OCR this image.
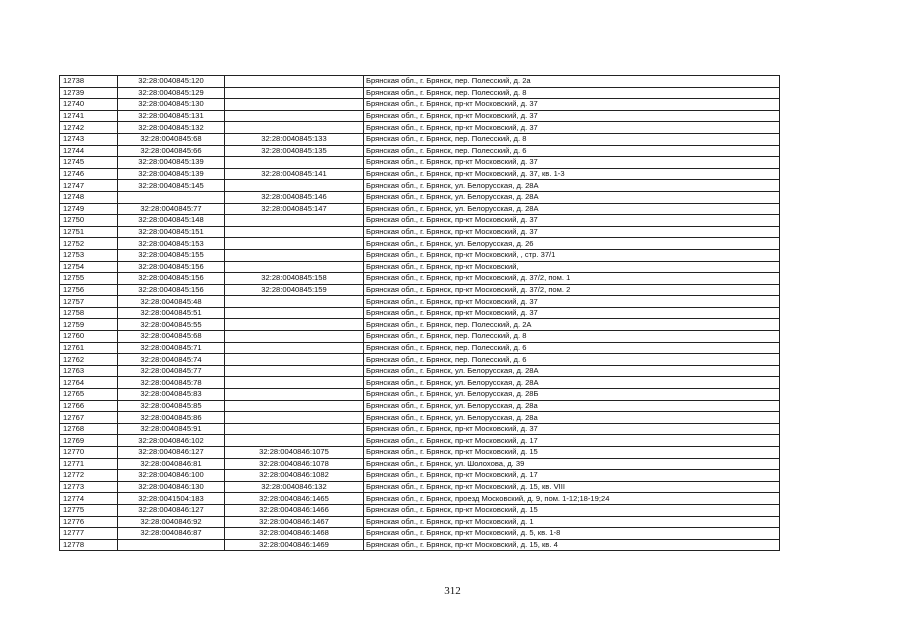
12738	32:28:0040845:120		Брянская обл., г. Брянск, пер. Полесский, д. 2а
12739	32:28:0040845:129		Брянская обл., г. Брянск, пер. Полесский, д. 8
12740	32:28:0040845:130		Брянская обл., г. Брянск, пр-кт Московский, д. 37
12741	32:28:0040845:131		Брянская обл., г. Брянск, пр-кт Московский, д. 37
12742	32:28:0040845:132		Брянская обл., г. Брянск, пр-кт Московский, д. 37
12743	32:28:0040845:68	32:28:0040845:133	Брянская обл., г. Брянск, пер. Полесский, д. 8
12744	32:28:0040845:66	32:28:0040845:135	Брянская обл., г. Брянск, пер. Полесский, д. 6
12745	32:28:0040845:139		Брянская обл., г. Брянск, пр-кт Московский, д. 37
12746	32:28:0040845:139	32:28:0040845:141	Брянская обл., г. Брянск, пр-кт Московский, д. 37, кв. 1-3
12747	32:28:0040845:145		Брянская обл., г. Брянск, ул. Белорусская, д. 28А
12748		32:28:0040845:146	Брянская обл., г. Брянск, ул. Белорусская, д. 28А
12749	32:28:0040845:77	32:28:0040845:147	Брянская обл., г. Брянск, ул. Белорусская, д. 28А
12750	32:28:0040845:148		Брянская обл., г. Брянск, пр-кт Московский, д. 37
12751	32:28:0040845:151		Брянская обл., г. Брянск, пр-кт Московский, д. 37
12752	32:28:0040845:153		Брянская обл., г. Брянск, ул. Белорусская, д. 26
12753	32:28:0040845:155		Брянская обл., г. Брянск, пр-кт Московский, , стр. 37/1
12754	32:28:0040845:156		Брянская обл., г. Брянск, пр-кт Московский,
12755	32:28:0040845:156	32:28:0040845:158	Брянская обл., г. Брянск, пр-кт Московский, д. 37/2, пом. 1
12756	32:28:0040845:156	32:28:0040845:159	Брянская обл., г. Брянск, пр-кт Московский, д. 37/2, пом. 2
12757	32:28:0040845:48		Брянская обл., г. Брянск, пр-кт Московский, д. 37
12758	32:28:0040845:51		Брянская обл., г. Брянск, пр-кт Московский, д. 37
12759	32:28:0040845:55		Брянская обл., г. Брянск, пер. Полесский, д. 2А
12760	32:28:0040845:68		Брянская обл., г. Брянск, пер. Полесский, д. 8
12761	32:28:0040845:71		Брянская обл., г. Брянск, пер. Полесский, д. 6
12762	32:28:0040845:74		Брянская обл., г. Брянск, пер. Полесский, д. 6
12763	32:28:0040845:77		Брянская обл., г. Брянск, ул. Белорусская, д. 28А
12764	32:28:0040845:78		Брянская обл., г. Брянск, ул. Белорусская, д. 28А
12765	32:28:0040845:83		Брянская обл., г. Брянск, ул. Белорусская, д. 28Б
12766	32:28:0040845:85		Брянская обл., г. Брянск, ул. Белорусская, д. 28а
12767	32:28:0040845:86		Брянская обл., г. Брянск, ул. Белорусская, д. 28а
12768	32:28:0040845:91		Брянская обл., г. Брянск, пр-кт Московский, д. 37
12769	32:28:0040846:102		Брянская обл., г. Брянск, пр-кт Московский, д. 17
12770	32:28:0040846:127	32:28:0040846:1075	Брянская обл., г. Брянск, пр-кт Московский, д. 15
12771	32:28:0040846:81	32:28:0040846:1078	Брянская обл., г. Брянск, ул. Шолохова, д. 39
12772	32:28:0040846:100	32:28:0040846:1082	Брянская обл., г. Брянск, пр-кт Московский, д. 17
12773	32:28:0040846:130	32:28:0040846:132	Брянская обл., г. Брянск, пр-кт Московский, д. 15, кв. VIII
12774	32:28:0041504:183	32:28:0040846:1465	Брянская обл., г. Брянск, проезд Московский, д. 9, пом. 1-12;18-19;24
12775	32:28:0040846:127	32:28:0040846:1466	Брянская обл., г. Брянск, пр-кт Московский, д. 15
12776	32:28:0040846:92	32:28:0040846:1467	Брянская обл., г. Брянск, пр-кт Московский, д. 1
12777	32:28:0040846:87	32:28:0040846:1468	Брянская обл., г. Брянск, пр-кт Московский, д. 5, кв. 1-8
12778		32:28:0040846:1469	Брянская обл., г. Брянск, пр-кт Московский, д. 15, кв. 4
312
